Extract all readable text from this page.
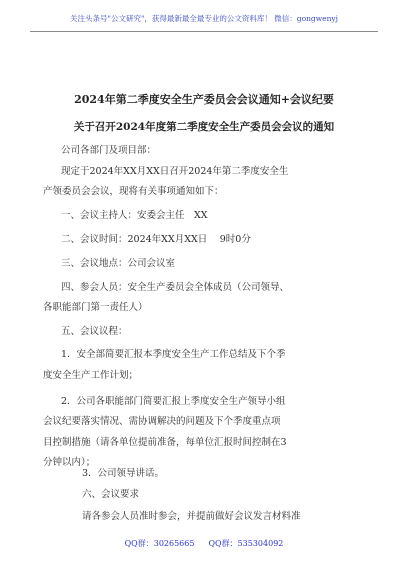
关注头条号"公文研究"，获得最新最全最专业的公文资料库！ 微信：gongwenyj
2024年第二季度安全生产委员会会议通知+会议纪要
关于召开2024年度第二季度安全生产委员会会议的通知
公司各部门及项目部：
现定于2024年XX月XX日召开2024年第二季度安全生
产领委员会会议，现将有关事项通知如下：
一、会议主持人：安委会主任　XX
二、会议时间：2024年XX月XX日　 9时0分
三、会议地点：公司会议室
四、参会人员：安全生产委员会全体成员（公司领导、
各职能部门第一责任人）
五、会议议程：
1．安全部简要汇报本季度安全生产工作总结及下个季
度安全生产工作计划；
2．公司各职能部门简要汇报上季度安全生产领导小组
会议纪要落实情况、需协调解决的问题及下个季度重点项
目控制措施（请各单位提前准备，每单位汇报时间控制在3
分钟以内）；
3．公司领导讲话。
六、会议要求
请各参会人员准时参会，并提前做好会议发言材料准
QQ群：30265665 QQ群：535304092
